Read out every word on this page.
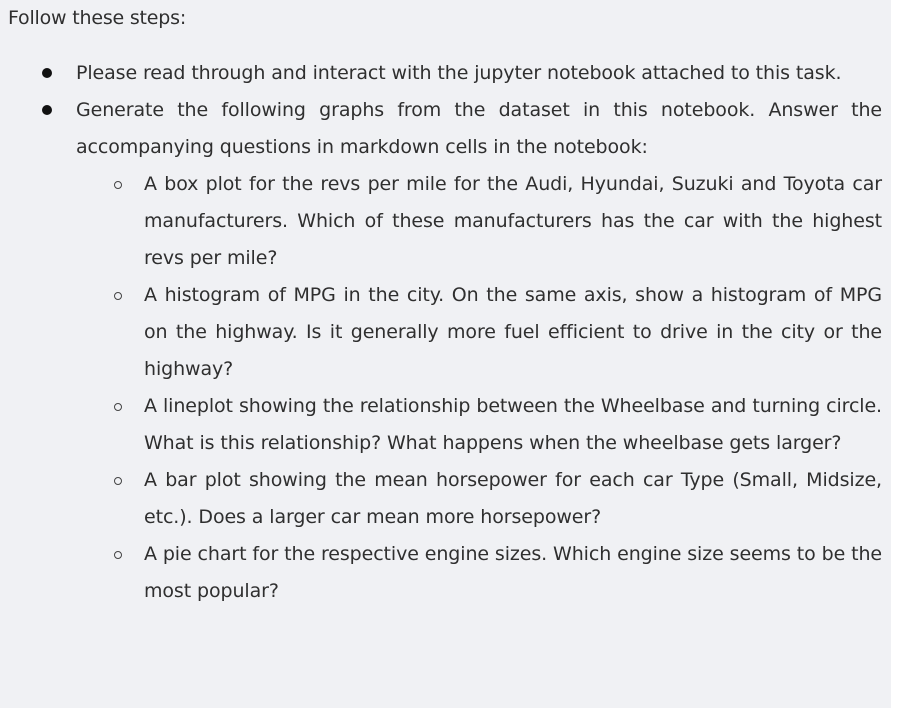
Follow these steps:
Please read through and interact with the jupyter notebook attached to this task.
Generate the following graphs from the dataset in this notebook. Answer the accompanying questions in markdown cells in the notebook:
A box plot for the revs per mile for the Audi, Hyundai, Suzuki and Toyota car manufacturers. Which of these manufacturers has the car with the highest revs per mile?
A histogram of MPG in the city. On the same axis, show a histogram of MPG on the highway. Is it generally more fuel efficient to drive in the city or the highway?
A lineplot showing the relationship between the Wheelbase and turning circle. What is this relationship? What happens when the wheelbase gets larger?
A bar plot showing the mean horsepower for each car Type (Small, Midsize, etc.). Does a larger car mean more horsepower?
A pie chart for the respective engine sizes. Which engine size seems to be the most popular?
